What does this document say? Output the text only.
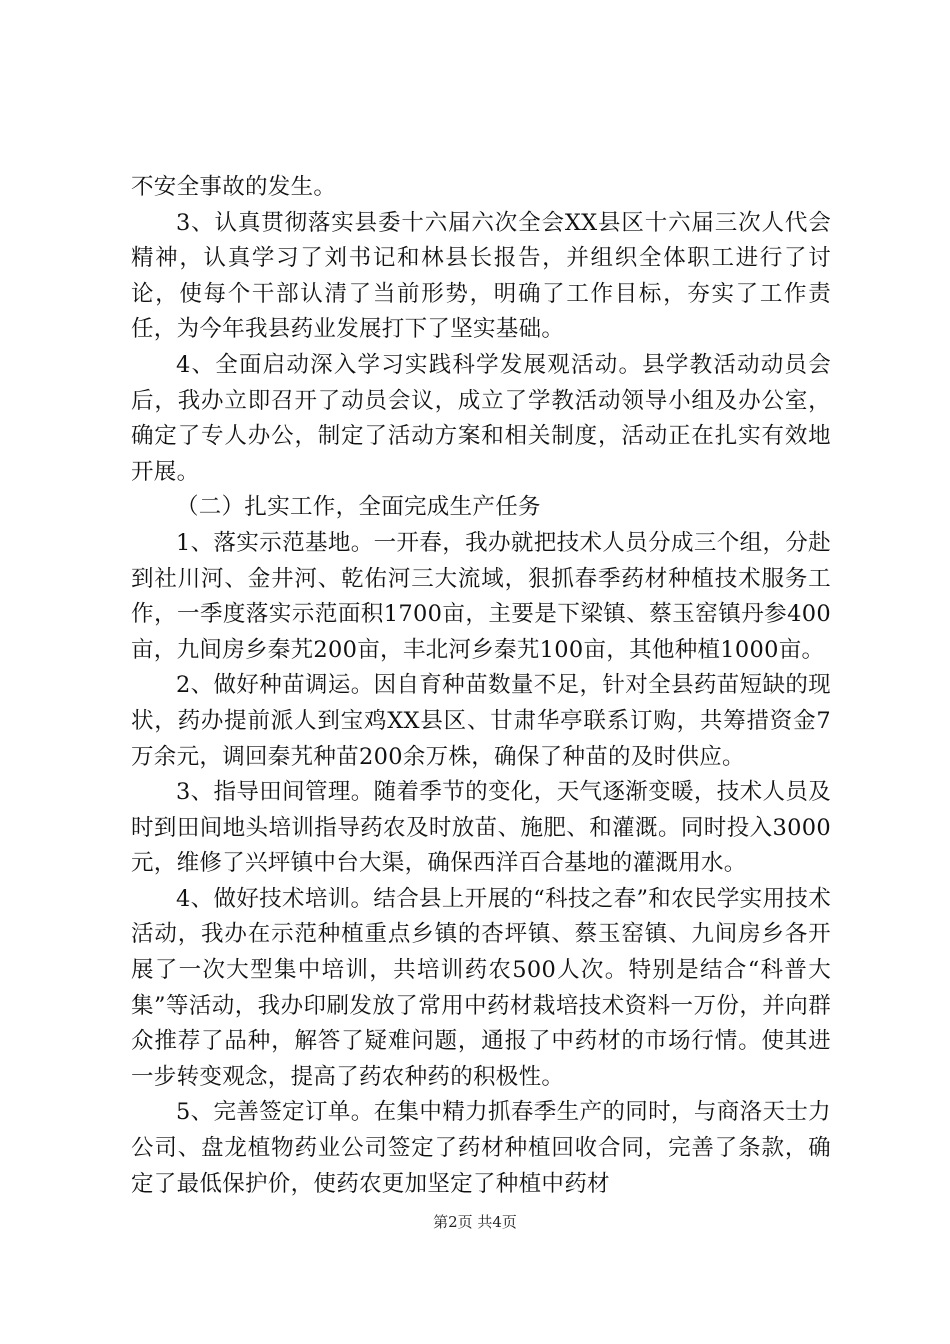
不安全事故的发生。

3、认真贯彻落实县委十六届六次全会XX县区十六届三次人代会精神，认真学习了刘书记和林县长报告，并组织全体职工进行了讨论，使每个干部认清了当前形势，明确了工作目标，夯实了工作责任，为今年我县药业发展打下了坚实基础。

4、全面启动深入学习实践科学发展观活动。县学教活动动员会后，我办立即召开了动员会议，成立了学教活动领导小组及办公室，确定了专人办公，制定了活动方案和相关制度，活动正在扎实有效地开展。

（二）扎实工作，全面完成生产任务

1、落实示范基地。一开春，我办就把技术人员分成三个组，分赴到社川河、金井河、乾佑河三大流域，狠抓春季药材种植技术服务工作，一季度落实示范面积1700亩，主要是下梁镇、蔡玉窑镇丹参400亩，九间房乡秦艽200亩，丰北河乡秦艽100亩，其他种植1000亩。

2、做好种苗调运。因自育种苗数量不足，针对全县药苗短缺的现状，药办提前派人到宝鸡XX县区、甘肃华亭联系订购，共筹措资金7万余元，调回秦艽种苗200余万株，确保了种苗的及时供应。

3、指导田间管理。随着季节的变化，天气逐渐变暖，技术人员及时到田间地头培训指导药农及时放苗、施肥、和灌溉。同时投入3000元，维修了兴坪镇中台大渠，确保西洋百合基地的灌溉用水。

4、做好技术培训。结合县上开展的“科技之春”和农民学实用技术活动，我办在示范种植重点乡镇的杏坪镇、蔡玉窑镇、九间房乡各开展了一次大型集中培训，共培训药农500人次。特别是结合“科普大集”等活动，我办印刷发放了常用中药材栽培技术资料一万份，并向群众推荐了品种，解答了疑难问题，通报了中药材的市场行情。使其进一步转变观念，提高了药农种药的积极性。

5、完善签定订单。在集中精力抓春季生产的同时，与商洛天士力公司、盘龙植物药业公司签定了药材种植回收合同，完善了条款，确定了最低保护价，使药农更加坚定了种植中药材

第2页 共4页
